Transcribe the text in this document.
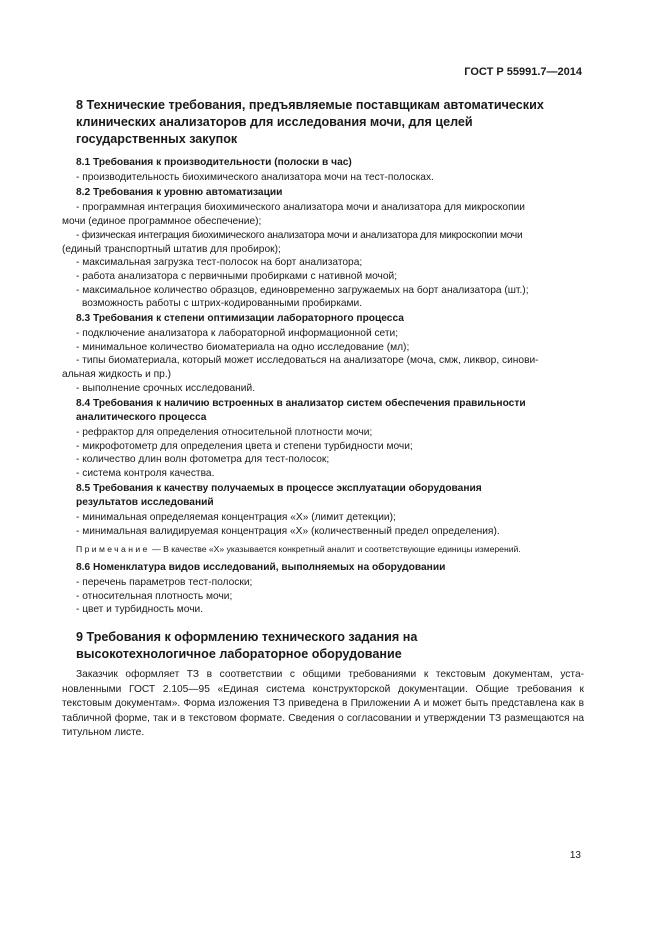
ГОСТ Р 55991.7—2014
8 Технические требования, предъявляемые поставщикам автоматических
клинических анализаторов для исследования мочи, для целей
государственных закупок
8.1 Требования к производительности (полоски в час)
- производительность биохимического анализатора мочи на тест-полосках.
8.2 Требования к уровню автоматизации
- программная интеграция биохимического анализатора мочи и анализатора для микроскопии
мочи (единое программное обеспечение);
- физическая интеграция биохимического анализатора мочи и анализатора для микроскопии мочи
(единый транспортный штатив для пробирок);
- максимальная загрузка тест-полосок на борт анализатора;
- работа анализатора с первичными пробирками с нативной мочой;
- максимальное количество образцов, единовременно загружаемых на борт анализатора (шт.);
возможность работы с штрих-кодированными пробирками.
8.3 Требования к степени оптимизации лабораторного процесса
- подключение анализатора к лабораторной информационной сети;
- минимальное количество биоматериала на одно исследование (мл);
- типы биоматериала, который может исследоваться на анализаторе (моча, смж, ликвор, синови-
альная жидкость и пр.)
- выполнение срочных исследований.
8.4 Требования к наличию встроенных в анализатор систем обеспечения правильности
аналитического процесса
- рефрактор для определения относительной плотности мочи;
- микрофотометр для определения цвета и степени турбидности мочи;
- количество длин волн фотометра для тест-полосок;
- система контроля качества.
8.5 Требования к качеству получаемых в процессе эксплуатации оборудования
результатов исследований
- минимальная определяемая концентрация «Х» (лимит детекции);
- минимальная валидируемая концентрация «Х» (количественный предел определения).
Примечание — В качестве «Х» указывается конкретный аналит и соответствующие единицы измерений.
8.6 Номенклатура видов исследований, выполняемых на оборудовании
- перечень параметров тест-полоски;
- относительная плотность мочи;
- цвет и турбидность мочи.
9 Требования к оформлению технического задания на
высокотехнологичное лабораторное оборудование
Заказчик оформляет ТЗ в соответствии с общими требованиями к текстовым документам, уста-новленными ГОСТ 2.105—95 «Единая система конструкторской документации. Общие требования к текстовым документам». Форма изложения ТЗ приведена в Приложении А и может быть представлена как в табличной форме, так и в текстовом формате. Сведения о согласовании и утверждении ТЗ размещаются на титульном листе.
13
